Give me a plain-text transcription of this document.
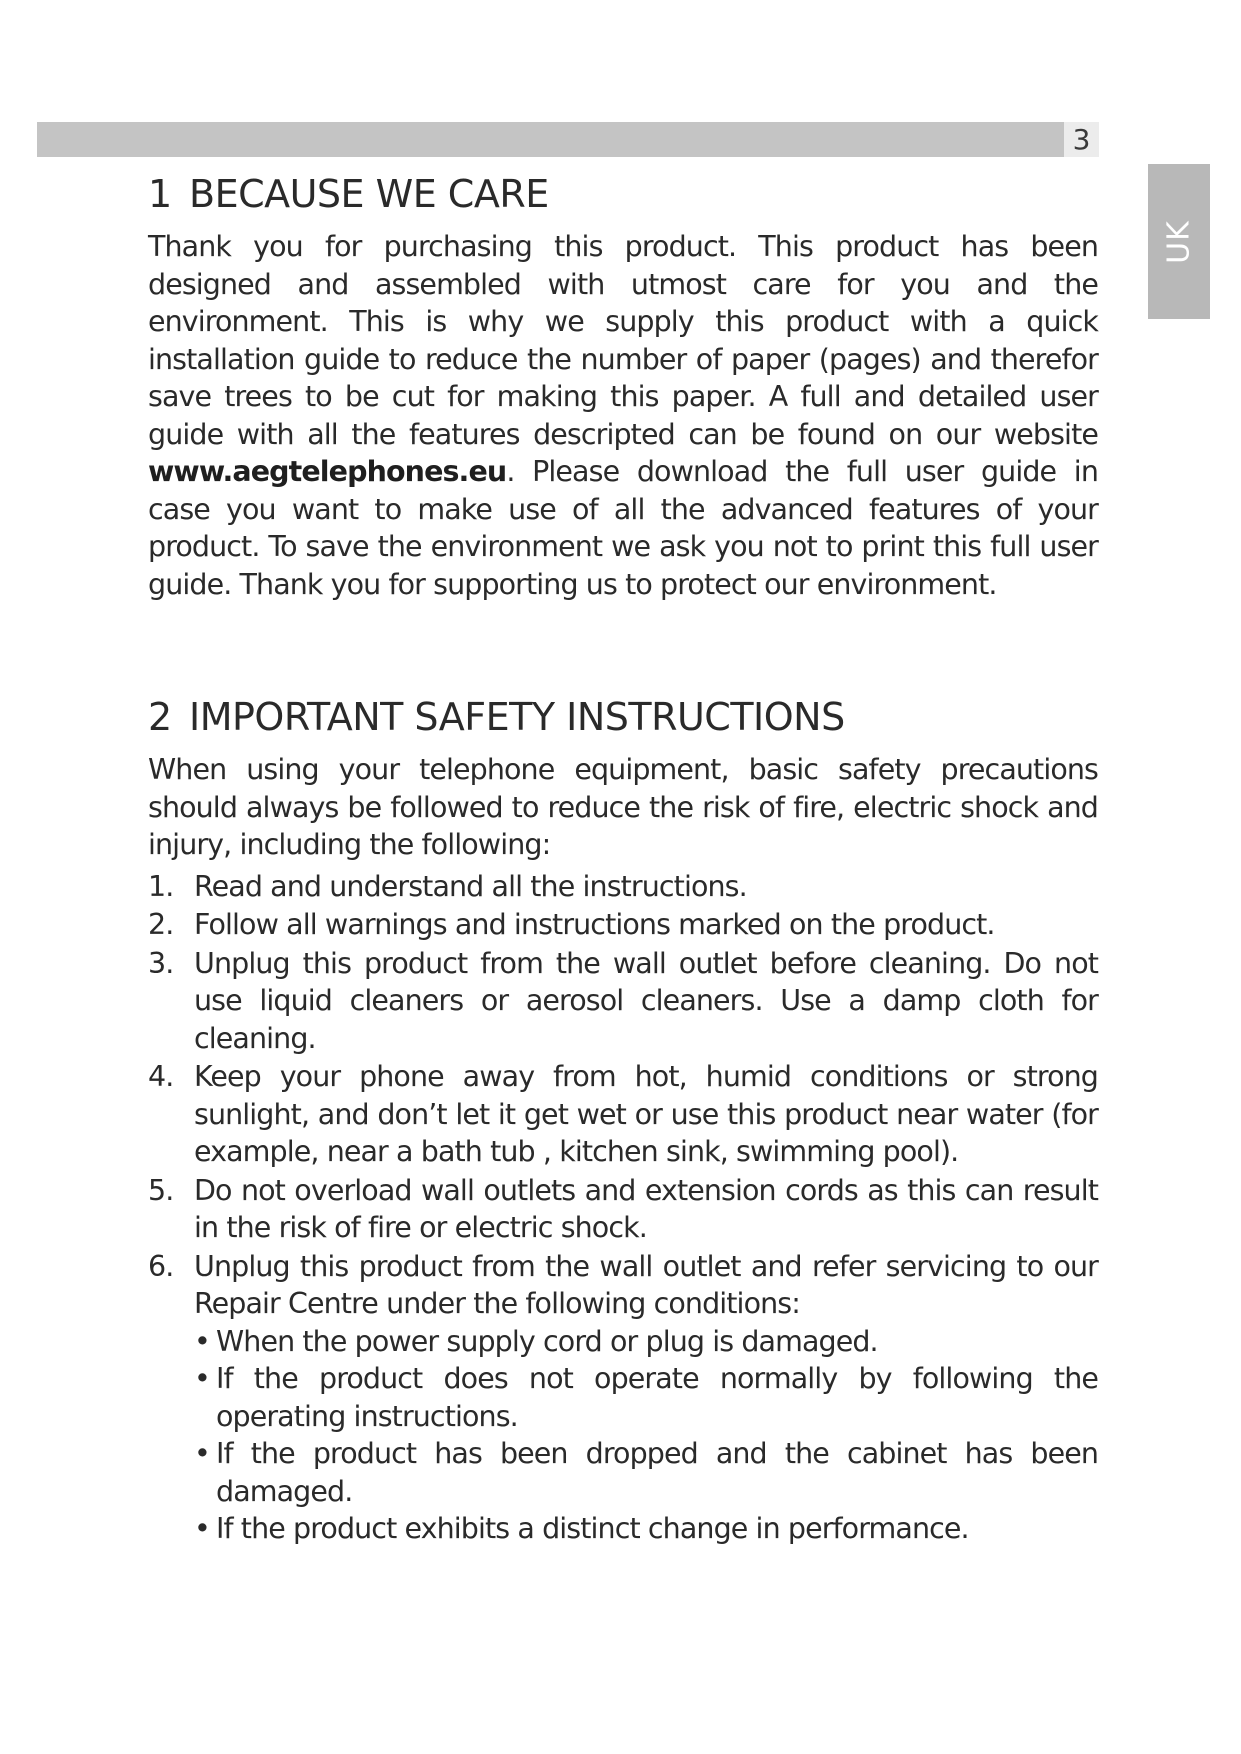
3
UK
1 BECAUSE WE CARE

Thank you for purchasing this product. This product has been designed and assembled with utmost care for you and the environment. This is why we supply this product with a quick installation guide to reduce the number of paper (pages) and therefor save trees to be cut for making this paper. A full and detailed user guide with all the features descripted can be found on our website www.aegtelephones.eu. Please download the full user guide in case you want to make use of all the advanced features of your product. To save the environment we ask you not to print this full user guide. Thank you for supporting us to protect our environment.

2 IMPORTANT SAFETY INSTRUCTIONS

When using your telephone equipment, basic safety precautions should always be followed to reduce the risk of fire, electric shock and injury, including the following:

1. Read and understand all the instructions.
2. Follow all warnings and instructions marked on the product.
3. Unplug this product from the wall outlet before cleaning. Do not use liquid cleaners or aerosol cleaners. Use a damp cloth for cleaning.
4. Keep your phone away from hot, humid conditions or strong sunlight, and don’t let it get wet or use this product near water (for example, near a bath tub , kitchen sink, swimming pool).
5. Do not overload wall outlets and extension cords as this can result in the risk of fire or electric shock.
6. Unplug this product from the wall outlet and refer servicing to our Repair Centre under the following conditions:
• When the power supply cord or plug is damaged.
• If the product does not operate normally by following the operating instructions.
• If the product has been dropped and the cabinet has been damaged.
• If the product exhibits a distinct change in performance.
